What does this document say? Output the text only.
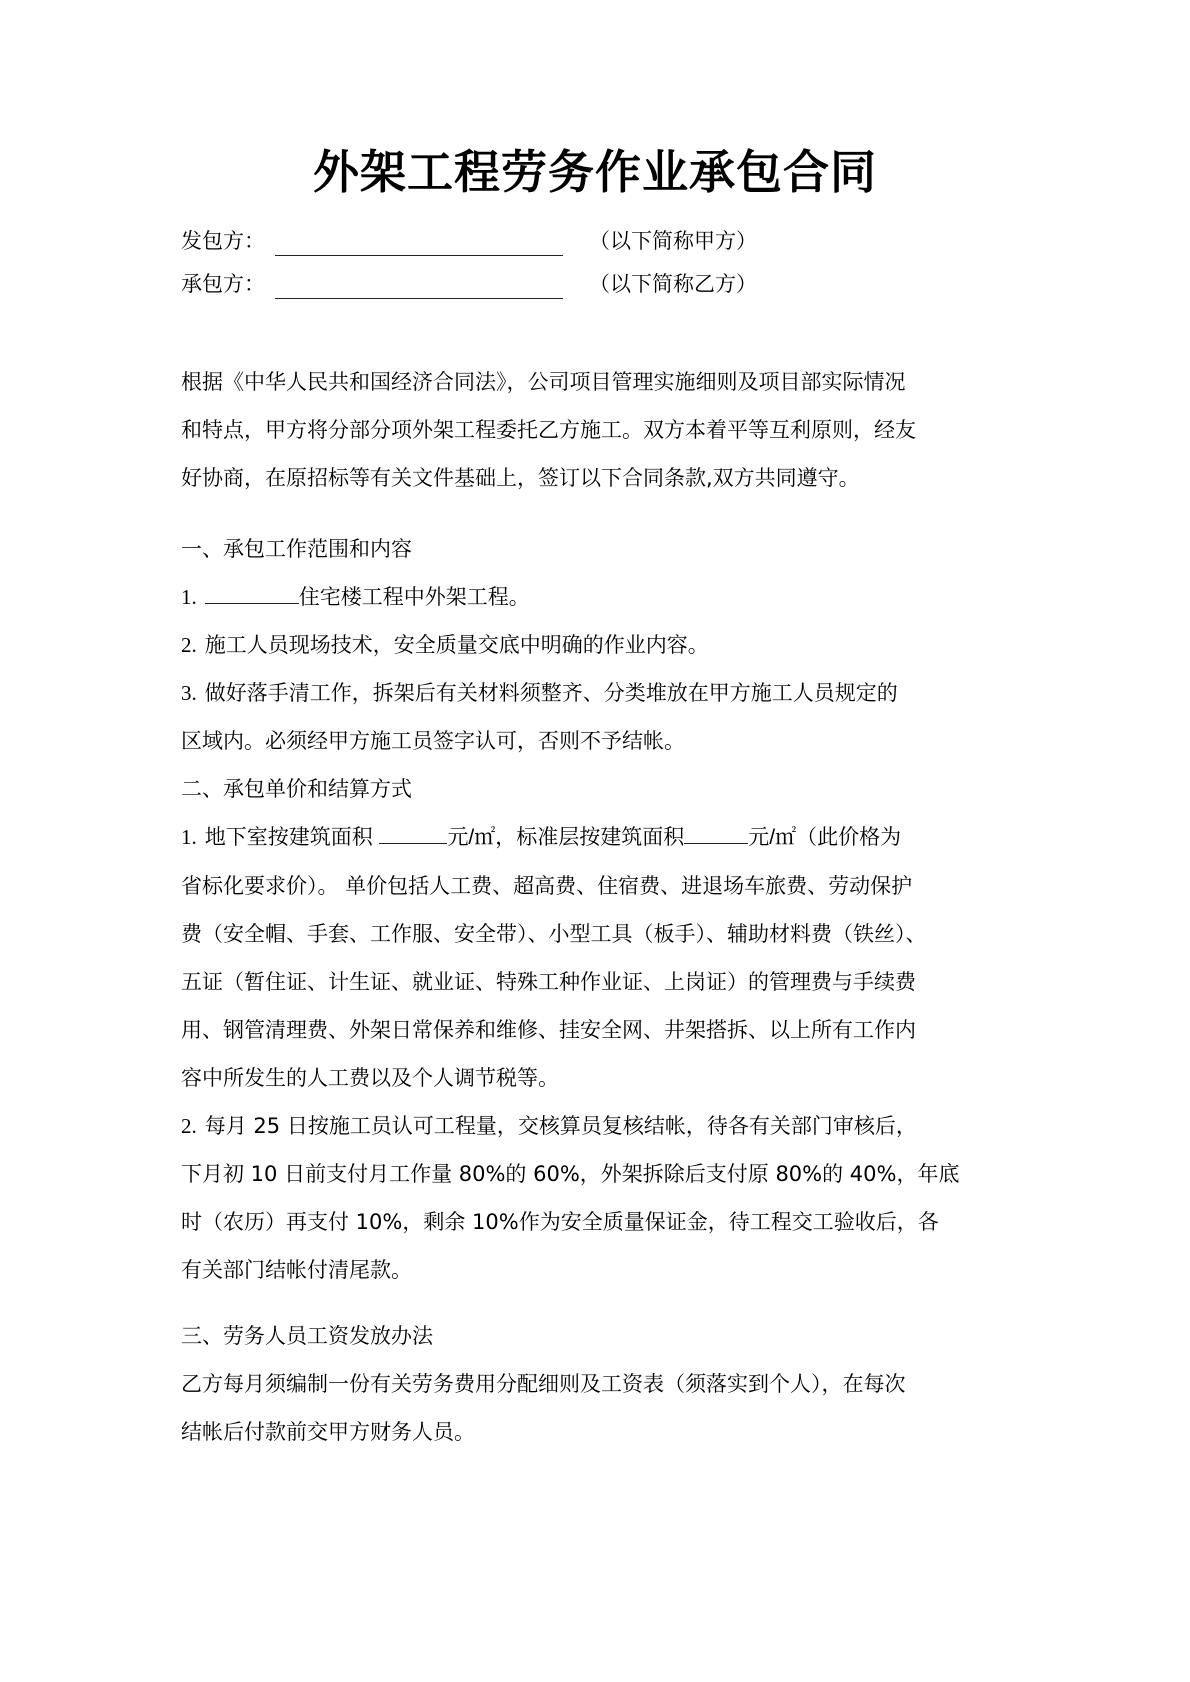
外架工程劳务作业承包合同
发包方：	（以下简称甲方）
承包方：	（以下简称乙方）

根据《中华人民共和国经济合同法》，公司项目管理实施细则及项目部实际情况

和特点，甲方将分部分项外架工程委托乙方施工。双方本着平等互利原则，经友

好协商，在原招标等有关文件基础上，签订以下合同条款,双方共同遵守。

一、承包工作范围和内容

1.	住宅楼工程中外架工程。

2. 施工人员现场技术，安全质量交底中明确的作业内容。

3. 做好落手清工作，拆架后有关材料须整齐、分类堆放在甲方施工人员规定的

区域内。必须经甲方施工员签字认可，否则不予结帐。

二、承包单价和结算方式

1. 地下室按建筑面积	元/㎡，标准层按建筑面积	元/㎡（此价格为

省标化要求价）。 单价包括人工费、超高费、住宿费、进退场车旅费、劳动保护

费（安全帽、手套、工作服、安全带）、小型工具（板手）、辅助材料费（铁丝）、

五证（暂住证、计生证、就业证、特殊工种作业证、上岗证）的管理费与手续费

用、钢管清理费、外架日常保养和维修、挂安全网、井架搭拆、以上所有工作内

容中所发生的人工费以及个人调节税等。

2. 每月 25 日按施工员认可工程量，交核算员复核结帐，待各有关部门审核后，

下月初 10 日前支付月工作量 80%的 60%，外架拆除后支付原 80%的 40%，年底

时（农历）再支付 10%，剩余 10%作为安全质量保证金，待工程交工验收后，各

有关部门结帐付清尾款。

三、劳务人员工资发放办法

乙方每月须编制一份有关劳务费用分配细则及工资表（须落实到个人），在每次

结帐后付款前交甲方财务人员。
